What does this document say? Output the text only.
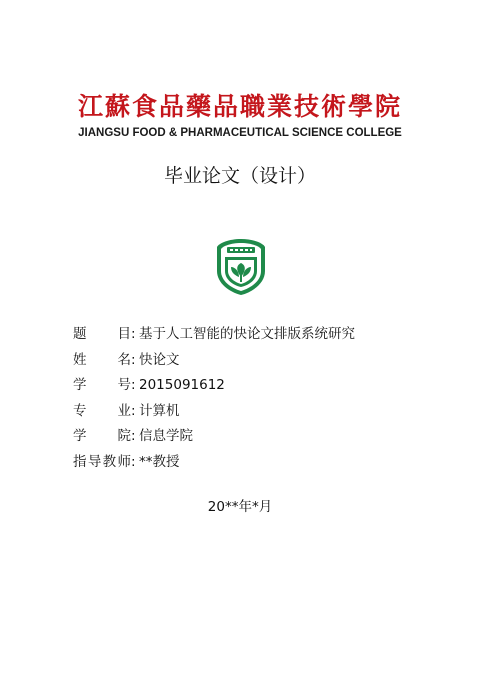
江蘇食品藥品職業技術學院
JIANGSU FOOD & PHARMACEUTICAL SCIENCE COLLEGE
毕业论文（设计）
题 目 : 基于人工智能的快论文排版系统研究
姓 名 : 快论文
学 号 : 2015091612
专 业 : 计算机
学 院 : 信息学院
指 导 教 师 : **教授
20**年*月
